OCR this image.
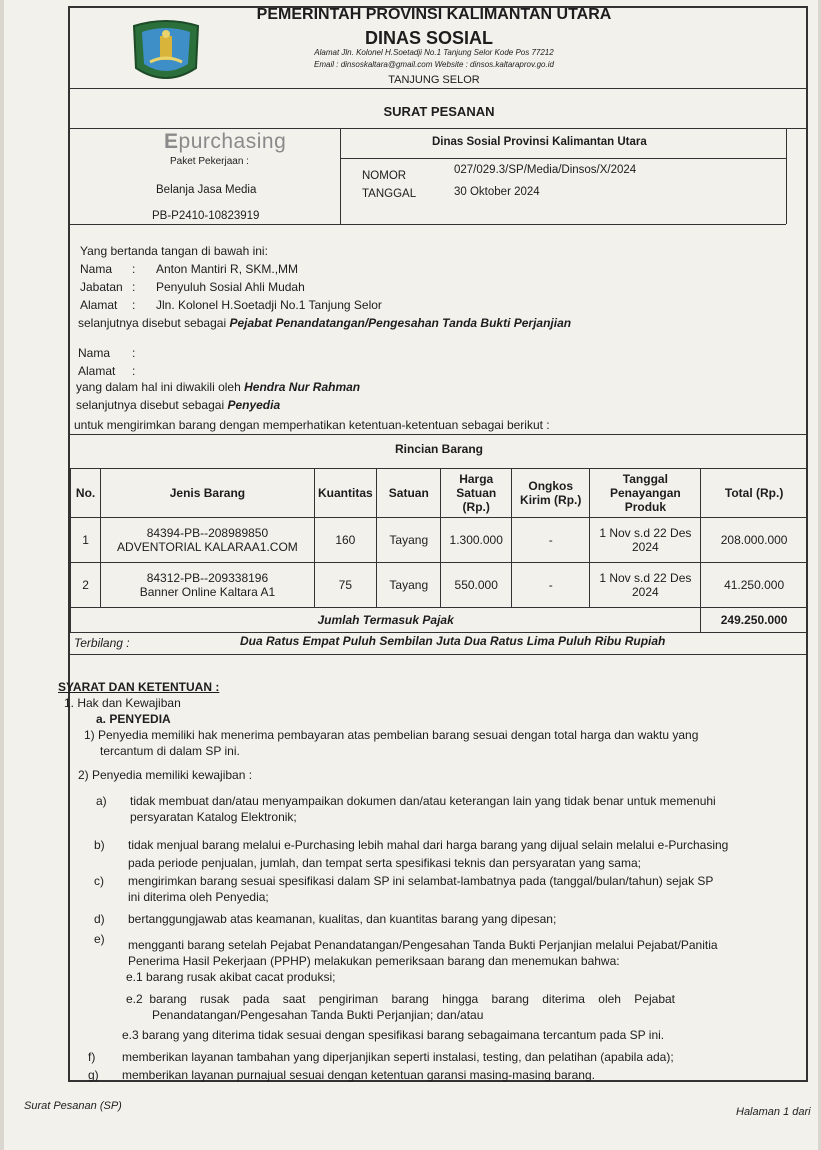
PEMERINTAH PROVINSI KALIMANTAN UTARA
DINAS SOSIAL
Alamat Jln. Kolonel H.Soetadji No.1 Tanjung Selor Kode Pos 77212
Email : dinsoskaltara@gmail.com Website : dinsos.kaltaraprov.go.id
TANJUNG SELOR
SURAT PESANAN
Epurchasing
Paket Pekerjaan :
Belanja Jasa Media
PB-P2410-10823919
Dinas Sosial Provinsi Kalimantan Utara
NOMOR	027/029.3/SP/Media/Dinsos/X/2024
TANGGAL	30 Oktober 2024
Yang bertanda tangan di bawah ini:
Nama : Anton Mantiri R, SKM.,MM
Jabatan : Penyuluh Sosial Ahli Mudah
Alamat : Jln. Kolonel H.Soetadji No.1 Tanjung Selor
selanjutnya disebut sebagai Pejabat Penandatangan/Pengesahan Tanda Bukti Perjanjian
Nama :
Alamat :
yang dalam hal ini diwakili oleh Hendra Nur Rahman
selanjutnya disebut sebagai Penyedia
untuk mengirimkan barang dengan memperhatikan ketentuan-ketentuan sebagai berikut :
Rincian Barang
No.	Jenis Barang	Kuantitas	Satuan	Harga Satuan (Rp.)	Ongkos Kirim (Rp.)	Tanggal Penayangan Produk	Total (Rp.)
1	84394-PB--208989850
ADVENTORIAL KALARAA1.COM	160	Tayang	1.300.000	-	1 Nov s.d 22 Des 2024	208.000.000
2	84312-PB--209338196
Banner Online Kaltara A1	75	Tayang	550.000	-	1 Nov s.d 22 Des 2024	41.250.000
Jumlah Termasuk Pajak							249.250.000
Terbilang :	Dua Ratus Empat Puluh Sembilan Juta Dua Ratus Lima Puluh Ribu Rupiah
SYARAT DAN KETENTUAN :
1. Hak dan Kewajiban
a. PENYEDIA
1) Penyedia memiliki hak menerima pembayaran atas pembelian barang sesuai dengan total harga dan waktu yang
tercantum di dalam SP ini.
2) Penyedia memiliki kewajiban :
a) tidak membuat dan/atau menyampaikan dokumen dan/atau keterangan lain yang tidak benar untuk memenuhi
persyaratan Katalog Elektronik;
b) tidak menjual barang melalui e-Purchasing lebih mahal dari harga barang yang dijual selain melalui e-Purchasing
pada periode penjualan, jumlah, dan tempat serta spesifikasi teknis dan persyaratan yang sama;
c) mengirimkan barang sesuai spesifikasi dalam SP ini selambat-lambatnya pada (tanggal/bulan/tahun) sejak SP
ini diterima oleh Penyedia;
d) bertanggungjawab atas keamanan, kualitas, dan kuantitas barang yang dipesan;
e) mengganti barang setelah Pejabat Penandatangan/Pengesahan Tanda Bukti Perjanjian melalui Pejabat/Panitia
Penerima Hasil Pekerjaan (PPHP) melakukan pemeriksaan barang dan menemukan bahwa:
e.1 barang rusak akibat cacat produksi;
e.2  barang    rusak    pada    saat    pengiriman    barang    hingga    barang    diterima    oleh    Pejabat
Penandatangan/Pengesahan Tanda Bukti Perjanjian; dan/atau
e.3 barang yang diterima tidak sesuai dengan spesifikasi barang sebagaimana tercantum pada SP ini.
f) memberikan layanan tambahan yang diperjanjikan seperti instalasi, testing, dan pelatihan (apabila ada);
g) memberikan layanan purnajual sesuai dengan ketentuan garansi masing-masing barang.
Surat Pesanan (SP)	Halaman 1 dari
